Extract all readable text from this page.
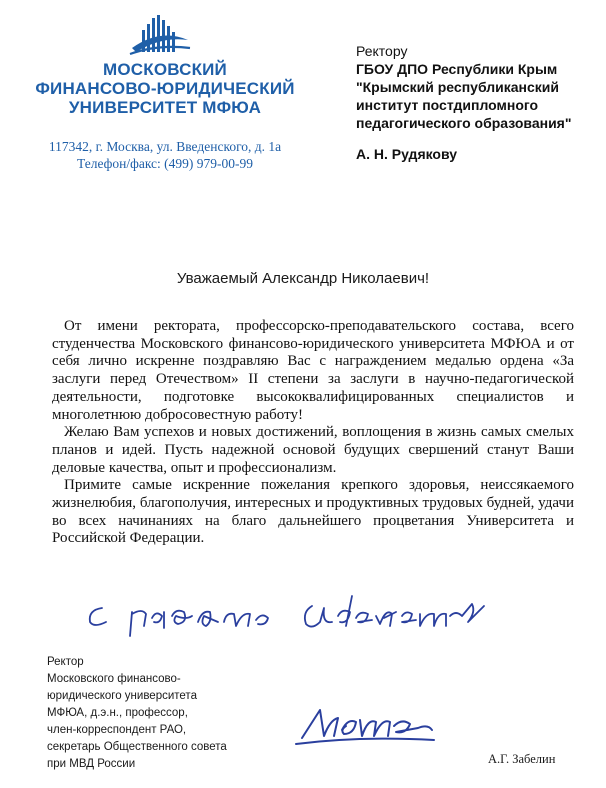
МОСКОВСКИЙ
ФИНАНСОВО-ЮРИДИЧЕСКИЙ
УНИВЕРСИТЕТ МФЮА
117342, г. Москва, ул. Введенского, д. 1а
Телефон/факс: (499) 979-00-99
Ректору
ГБОУ ДПО Республики Крым
"Крымский республиканский
институт постдипломного
педагогического образования"
А. Н. Рудякову
Уважаемый Александр Николаевич!

От имени ректората, профессорско-преподавательского состава, всего студенчества Московского финансово-юридического университета МФЮА и от себя лично искренне поздравляю Вас с награждением медалью ордена «За заслуги перед Отечеством» II степени за заслуги в научно-педагогической деятельности, подготовке высококвалифицированных специалистов и многолетнюю добросовестную работу!

Желаю Вам успехов и новых достижений, воплощения в жизнь самых смелых планов и идей. Пусть надежной основой будущих свершений станут Ваши деловые качества, опыт и профессионализм.

Примите самые искренние пожелания крепкого здоровья, неиссякаемого жизнелюбия, благополучия, интересных и продуктивных трудовых будней, удачи во всех начинаниях на благо дальнейшего процветания Университета и Российской Федерации.

Ректор
Московского финансово-
юридического университета
МФЮА, д.э.н., профессор,
член-корреспондент РАО,
секретарь Общественного совета
при МВД России	А.Г. Забелин
